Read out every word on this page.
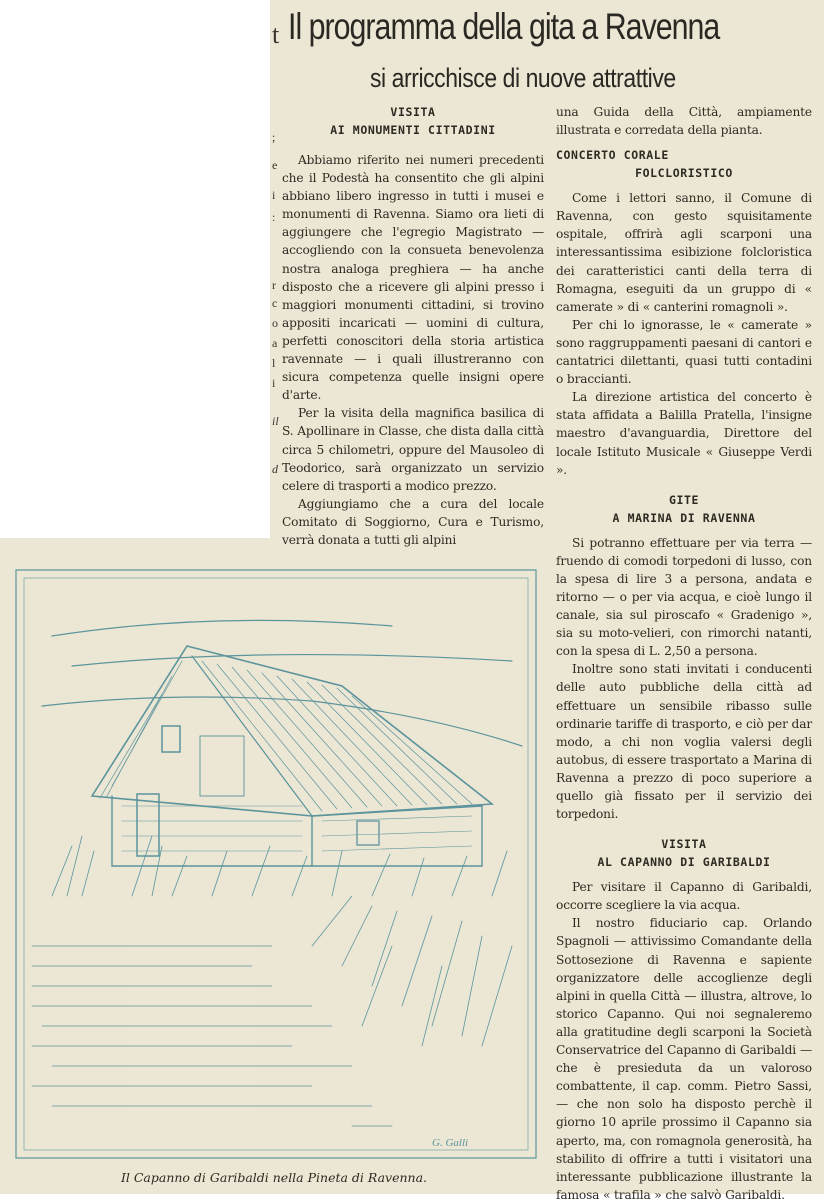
t
;
e
i
:
r
c
o
a
l
i
il
d
Il programma della gita a Ravenna
si arricchisce di nuove attrattive

VISITA

AI MONUMENTI CITTADINI

Abbiamo riferito nei numeri precedenti che il Podestà ha consentito che gli alpini abbiano libero ingresso in tutti i musei e monumenti di Ravenna. Siamo ora lieti di aggiungere che l'egregio Magistrato — accogliendo con la consueta benevolenza nostra analoga preghiera — ha anche disposto che a ricevere gli alpini presso i maggiori monumenti cittadini, si trovino appositi incaricati — uomini di cultura, perfetti conoscitori della storia artistica ravennate — i quali illustreranno con sicura competenza quelle insigni opere d'arte.

Per la visita della magnifica basilica di S. Apollinare in Classe, che dista dalla città circa 5 chilometri, oppure del Mausoleo di Teodorico, sarà organizzato un servizio celere di trasporti a modico prezzo.

Aggiungiamo che a cura del locale Comitato di Soggiorno, Cura e Turismo, verrà donata a tutti gli alpini

una Guida della Città, ampiamente illustrata e corredata della pianta.

CONCERTO CORALE

FOLCLORISTICO

Come i lettori sanno, il Comune di Ravenna, con gesto squisitamente ospitale, offrirà agli scarponi una interessantissima esibizione folcloristica dei caratteristici canti della terra di Romagna, eseguiti da un gruppo di « camerate » di « canterini romagnoli ».

Per chi lo ignorasse, le « camerate » sono raggruppamenti paesani di cantori e cantatrici dilettanti, quasi tutti contadini o braccianti.

La direzione artistica del concerto è stata affidata a Balilla Pratella, l'insigne maestro d'avanguardia, Direttore del locale Istituto Musicale « Giuseppe Verdi ».

GITE

A MARINA DI RAVENNA

Si potranno effettuare per via terra — fruendo di comodi torpedoni di lusso, con la spesa di lire 3 a persona, andata e ritorno — o per via acqua, e cioè lungo il canale, sia sul piroscafo « Gradenigo », sia su moto-velieri, con rimorchi natanti, con la spesa di L. 2,50 a persona.

Inoltre sono stati invitati i conducenti delle auto pubbliche della città ad effettuare un sensibile ribasso sulle ordinarie tariffe di trasporto, e ciò per dar modo, a chi non voglia valersi degli autobus, di essere trasportato a Marina di Ravenna a prezzo di poco superiore a quello già fissato per il servizio dei torpedoni.

VISITA

AL CAPANNO DI GARIBALDI

Per visitare il Capanno di Garibaldi, occorre scegliere la via acqua.

Il nostro fiduciario cap. Orlando Spagnoli — attivissimo Comandante della Sottosezione di Ravenna e sapiente organizzatore delle accoglienze degli alpini in quella Città — illustra, altrove, lo storico Capanno. Qui noi segnaleremo alla gratitudine degli scarponi la Società Conservatrice del Capanno di Garibaldi — che è presieduta da un valoroso combattente, il cap. comm. Pietro Sassi, — che non solo ha disposto perchè il giorno 10 aprile prossimo il Capanno sia aperto, ma, con romagnola generosità, ha stabilito di offrire a tutti i visitatori una interessante pubblicazione illustrante la famosa « trafila » che salvò Garibaldi.

G. Galli
Il Capanno di Garibaldi nella Pineta di Ravenna.
